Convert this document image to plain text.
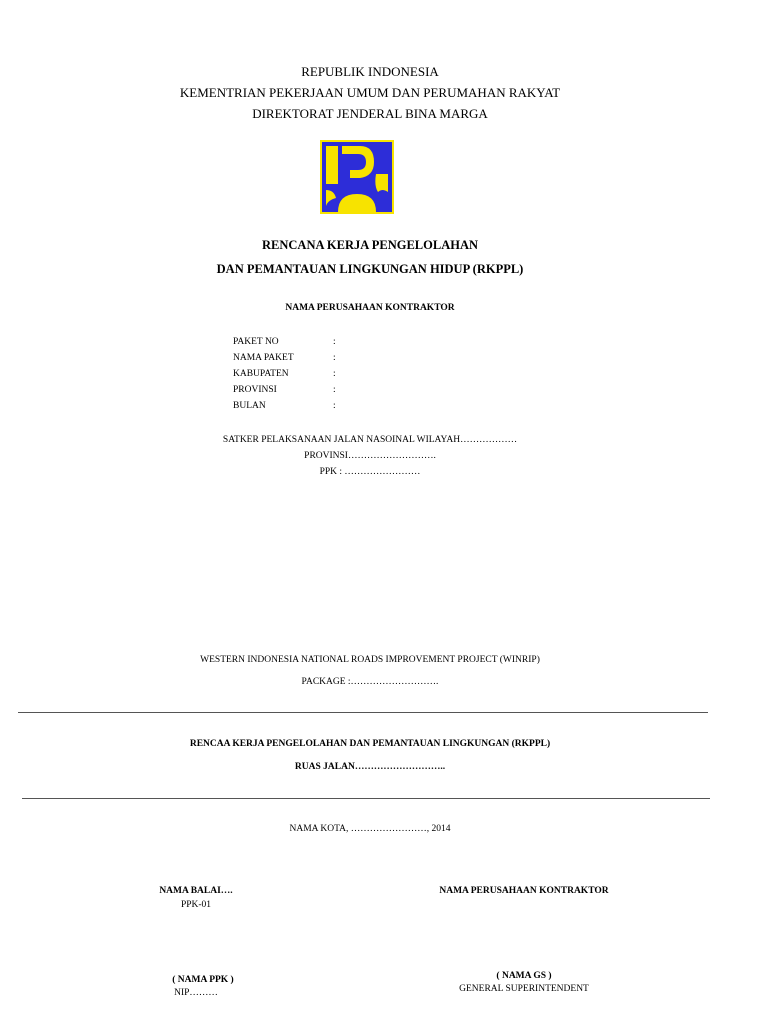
REPUBLIK INDONESIA
KEMENTRIAN PEKERJAAN UMUM DAN PERUMAHAN RAKYAT
DIREKTORAT JENDERAL BINA MARGA
RENCANA KERJA PENGELOLAHAN
DAN PEMANTAUAN LINGKUNGAN HIDUP (RKPPL)
NAMA PERUSAHAAN KONTRAKTOR
PAKET NO	:
NAMA PAKET	:
KABUPATEN	:
PROVINSI	:
BULAN	:
SATKER PELAKSANAAN JALAN NASOINAL WILAYAH………………
PROVINSI……………………….
PPK : ……………………
WESTERN INDONESIA NATIONAL ROADS IMPROVEMENT PROJECT (WINRIP)
PACKAGE :……………………….
RENCAA KERJA PENGELOLAHAN DAN PEMANTAUAN LINGKUNGAN (RKPPL)
RUAS JALAN………………………..
NAMA KOTA, ……………………, 2014
NAMA BALAI….
PPK-01
NAMA PERUSAHAAN KONTRAKTOR
( NAMA PPK )
NIP………
( NAMA GS )
GENERAL SUPERINTENDENT
